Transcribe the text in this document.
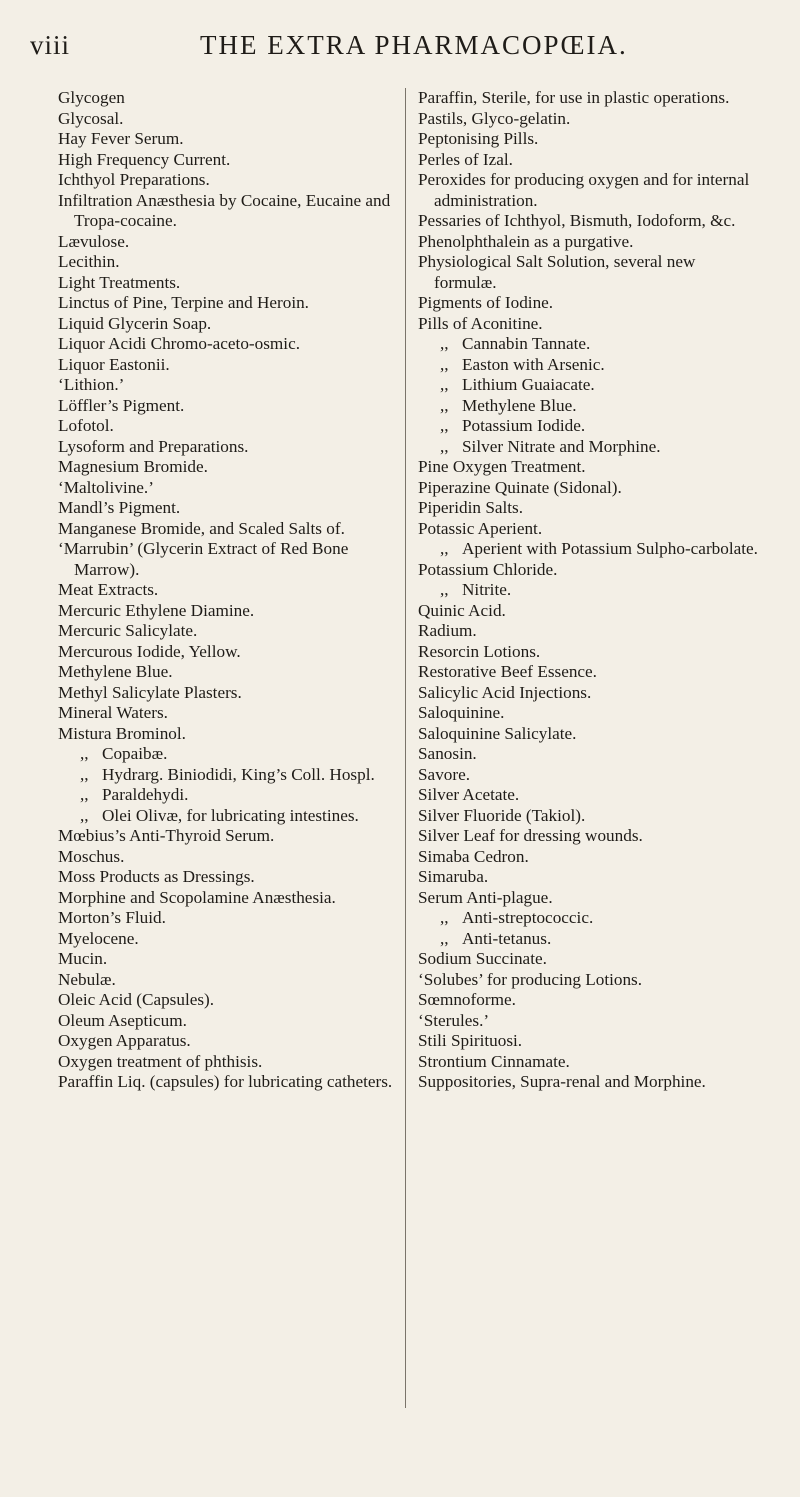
viii	THE EXTRA PHARMACOPŒIA.

Glycogen

Glycosal.

Hay Fever Serum.

High Frequency Current.

Ichthyol Preparations.

Infiltration Anæsthesia by Cocaine, Eucaine and Tropa-cocaine.

Lævulose.

Lecithin.

Light Treatments.

Linctus of Pine, Terpine and Heroin.

Liquid Glycerin Soap.

Liquor Acidi Chromo-aceto-osmic.

Liquor Eastonii.

‘Lithion.’

Löffler’s Pigment.

Lofotol.

Lysoform and Preparations.

Magnesium Bromide.

‘Maltolivine.’

Mandl’s Pigment.

Manganese Bromide, and Scaled Salts of.

‘Marrubin’ (Glycerin Extract of Red Bone Marrow).

Meat Extracts.

Mercuric Ethylene Diamine.

Mercuric Salicylate.

Mercurous Iodide, Yellow.

Methylene Blue.

Methyl Salicylate Plasters.

Mineral Waters.

Mistura Brominol.

,, Copaibæ.

,, Hydrarg. Biniodidi, King’s Coll. Hospl.

,, Paraldehydi.

,, Olei Olivæ, for lubricating intestines.

Mœbius’s Anti-Thyroid Serum.

Moschus.

Moss Products as Dressings.

Morphine and Scopolamine Anæsthesia.

Morton’s Fluid.

Myelocene.

Mucin.

Nebulæ.

Oleic Acid (Capsules).

Oleum Asepticum.

Oxygen Apparatus.

Oxygen treatment of phthisis.

Paraffin Liq. (capsules) for lubricating catheters.

Paraffin, Sterile, for use in plastic operations.

Pastils, Glyco-gelatin.

Peptonising Pills.

Perles of Izal.

Peroxides for producing oxygen and for internal administration.

Pessaries of Ichthyol, Bismuth, Iodoform, &c.

Phenolphthalein as a purgative.

Physiological Salt Solution, several new formulæ.

Pigments of Iodine.

Pills of Aconitine.

,, Cannabin Tannate.

,, Easton with Arsenic.

,, Lithium Guaiacate.

,, Methylene Blue.

,, Potassium Iodide.

,, Silver Nitrate and Morphine.

Pine Oxygen Treatment.

Piperazine Quinate (Sidonal).

Piperidin Salts.

Potassic Aperient.

,, Aperient with Potassium Sulpho-carbolate.

Potassium Chloride.

,, Nitrite.

Quinic Acid.

Radium.

Resorcin Lotions.

Restorative Beef Essence.

Salicylic Acid Injections.

Saloquinine.

Saloquinine Salicylate.

Sanosin.

Savore.

Silver Acetate.

Silver Fluoride (Takiol).

Silver Leaf for dressing wounds.

Simaba Cedron.

Simaruba.

Serum Anti-plague.

,, Anti-streptococcic.

,, Anti-tetanus.

Sodium Succinate.

‘Solubes’ for producing Lotions.

Sœmnoforme.

‘Sterules.’

Stili Spirituosi.

Strontium Cinnamate.

Suppositories, Supra-renal and Morphine.
